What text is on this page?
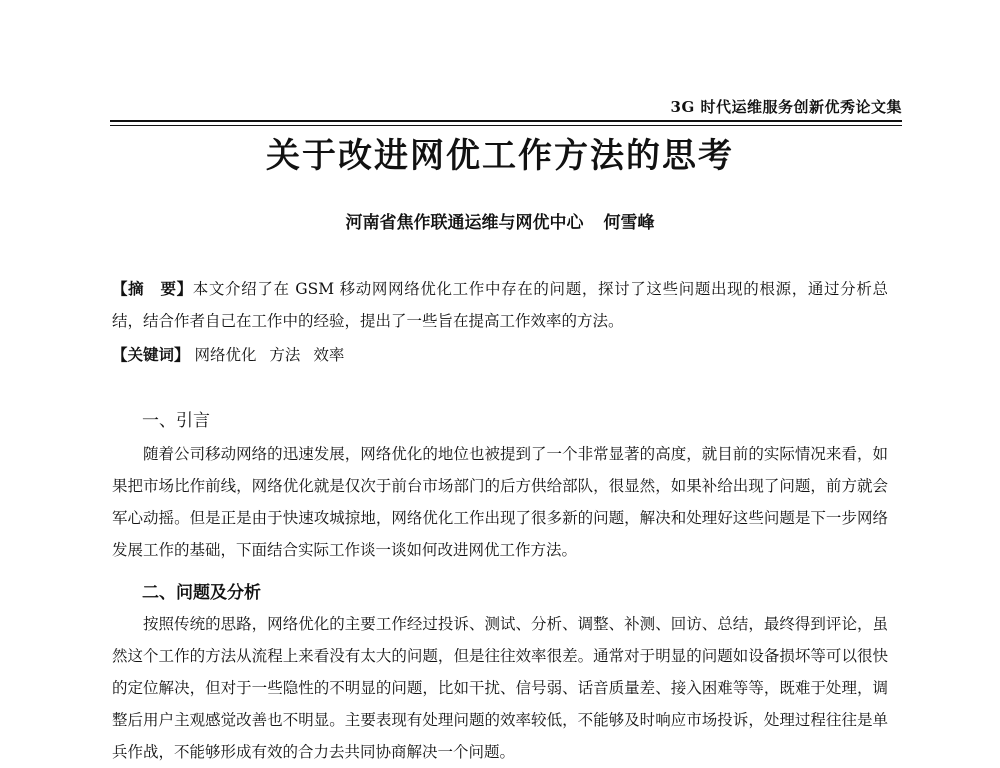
3G 时代运维服务创新优秀论文集
关于改进网优工作方法的思考
河南省焦作联通运维与网优中心 何雪峰
【摘　要】本文介绍了在 GSM 移动网网络优化工作中存在的问题，探讨了这些问题出现的根源，通过分析总结，结合作者自己在工作中的经验，提出了一些旨在提高工作效率的方法。
【关键词】 网络优化 方法 效率
一、引言
随着公司移动网络的迅速发展，网络优化的地位也被提到了一个非常显著的高度，就目前的实际情况来看，如果把市场比作前线，网络优化就是仅次于前台市场部门的后方供给部队，很显然，如果补给出现了问题，前方就会军心动摇。但是正是由于快速攻城掠地，网络优化工作出现了很多新的问题，解决和处理好这些问题是下一步网络发展工作的基础，下面结合实际工作谈一谈如何改进网优工作方法。
二、问题及分析
按照传统的思路，网络优化的主要工作经过投诉、测试、分析、调整、补测、回访、总结，最终得到评论，虽然这个工作的方法从流程上来看没有太大的问题，但是往往效率很差。通常对于明显的问题如设备损坏等可以很快的定位解决，但对于一些隐性的不明显的问题，比如干扰、信号弱、话音质量差、接入困难等等，既难于处理，调整后用户主观感觉改善也不明显。主要表现有处理问题的效率较低，不能够及时响应市场投诉，处理过程往往是单兵作战，不能够形成有效的合力去共同协商解决一个问题。
